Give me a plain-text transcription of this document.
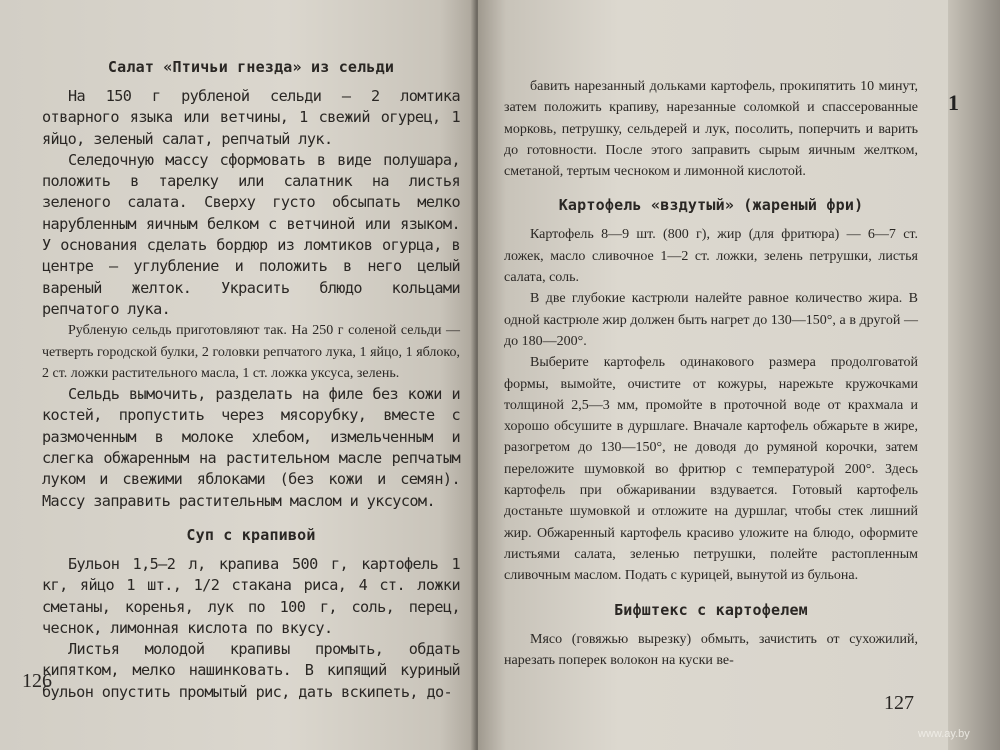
Салат «Птичьи гнезда» из сельди

На 150 г рубленой сельди — 2 ломтика отварного языка или ветчины, 1 свежий огурец, 1 яйцо, зеленый салат, репчатый лук.

Селедочную массу сформовать в виде полушара, положить в тарелку или салатник на листья зеленого салата. Сверху густо обсыпать мелко нарубленным яичным белком с ветчиной или языком. У основания сделать бордюр из ломтиков огурца, в центре — углубление и положить в него целый вареный желток. Украсить блюдо кольцами репчатого лука.

Рубленую сельдь приготовляют так. На 250 г соленой сельди — четверть городской булки, 2 головки репчатого лука, 1 яйцо, 1 яблоко, 2 ст. ложки растительного масла, 1 ст. ложка уксуса, зелень.

Сельдь вымочить, разделать на филе без кожи и костей, пропустить через мясорубку, вместе с размоченным в молоке хлебом, измельченным и слегка обжаренным на растительном масле репчатым луком и свежими яблоками (без кожи и семян). Массу заправить растительным маслом и уксусом.

Суп с крапивой

Бульон 1,5—2 л, крапива 500 г, картофель 1 кг, яйцо 1 шт., 1/2 стакана риса, 4 ст. ложки сметаны, коренья, лук по 100 г, соль, перец, чеснок, лимонная кислота по вкусу.

Листья молодой крапивы промыть, обдать кипятком, мелко нашинковать. В кипящий куриный бульон опустить промытый рис, дать вскипеть, до-

126

бавить нарезанный дольками картофель, прокипятить 10 минут, затем положить крапиву, нарезанные соломкой и спассерованные морковь, петрушку, сельдерей и лук, посолить, поперчить и варить до готовности. После этого заправить сырым яичным желтком, сметаной, тертым чесноком и лимонной кислотой.

Картофель «вздутый» (жареный фри)

Картофель 8—9 шт. (800 г), жир (для фритюра) — 6—7 ст. ложек, масло сливочное 1—2 ст. ложки, зелень петрушки, листья салата, соль.

В две глубокие кастрюли налейте равное количество жира. В одной кастрюле жир должен быть нагрет до 130—150°, а в другой — до 180—200°.

Выберите картофель одинакового размера продолговатой формы, вымойте, очистите от кожуры, нарежьте кружочками толщиной 2,5—3 мм, промойте в проточной воде от крахмала и хорошо обсушите в дуршлаге. Вначале картофель обжарьте в жире, разогретом до 130—150°, не доводя до румяной корочки, затем переложите шумовкой во фритюр с температурой 200°. Здесь картофель при обжаривании вздувается. Готовый картофель достаньте шумовкой и отложите на дуршлаг, чтобы стек лишний жир. Обжаренный картофель красиво уложите на блюдо, оформите листьями салата, зеленью петрушки, полейте растопленным сливочным маслом. Подать с курицей, вынутой из бульона.

Бифштекс с картофелем

Мясо (говяжью вырезку) обмыть, зачистить от сухожилий, нарезать поперек волокон на куски ве-

127
1
www.ay.by
